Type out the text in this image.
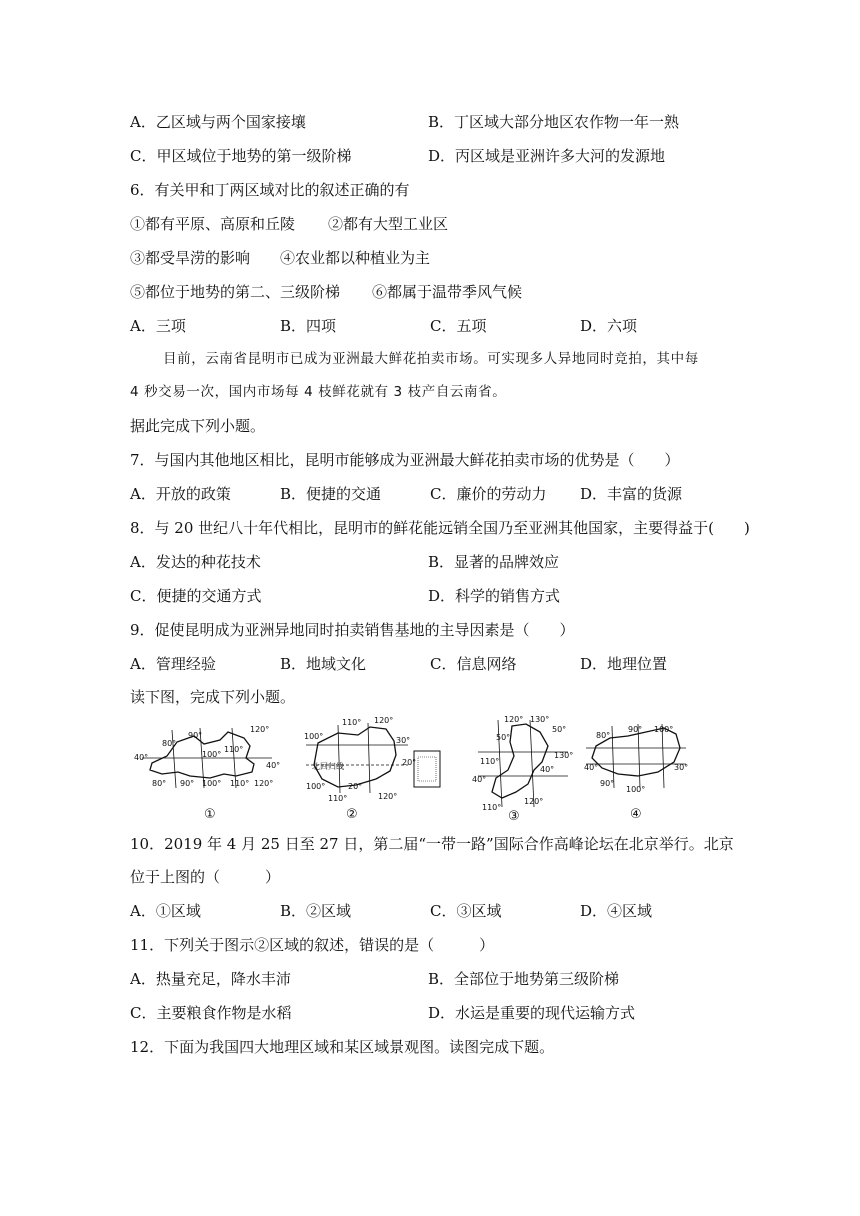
A．乙区域与两个国家接壤	B．丁区域大部分地区农作物一年一熟
C．甲区域位于地势的第一级阶梯	D．丙区域是亚洲许多大河的发源地
6．有关甲和丁两区域对比的叙述正确的有
①都有平原、高原和丘陵 ②都有大型工业区
③都受旱涝的影响 ④农业都以种植业为主
⑤都位于地势的第二、三级阶梯 ⑥都属于温带季风气候
A．三项	B．四项	C．五项	D．六项
目前，云南省昆明市已成为亚洲最大鲜花拍卖市场。可实现多人异地同时竞拍，其中每
4 秒交易一次，国内市场每 4 枝鲜花就有 3 枝产自云南省。
据此完成下列小题。
7．与国内其他地区相比，昆明市能够成为亚洲最大鲜花拍卖市场的优势是（　　）
A．开放的政策	B．便捷的交通	C．廉价的劳动力 D．丰富的货源
8．与 20 世纪八十年代相比，昆明市的鲜花能远销全国乃至亚洲其他国家，主要得益于(　　)
A．发达的种花技术	B．显著的品牌效应
C．便捷的交通方式	D．科学的销售方式
9．促使昆明成为亚洲异地同时拍卖销售基地的主导因素是（　　）
A．管理经验	B．地域文化	C．信息网络	D．地理位置
读下图，完成下列小题。
120°
90°
80°
40°	100°
110°
40°
80° 90° 100° 110° 120°
①
110° 120°
100°	30°
北回归线	20°
100°
110°
20°
120°
②
120° 130°
50°
50°
110°
130°
40°
40°
110°
120°
③
90° 100°
80°
40°	30°
90°
100°
④
10．2019 年 4 月 25 日至 27 日，第二届“一带一路”国际合作高峰论坛在北京举行。北京
位于上图的（　　　）
A．①区域	B．②区域	C．③区域	D．④区域
11．下列关于图示②区域的叙述，错误的是（　　　）
A．热量充足，降水丰沛	B．全部位于地势第三级阶梯
C．主要粮食作物是水稻	D．水运是重要的现代运输方式
12．下面为我国四大地理区域和某区域景观图。读图完成下题。
